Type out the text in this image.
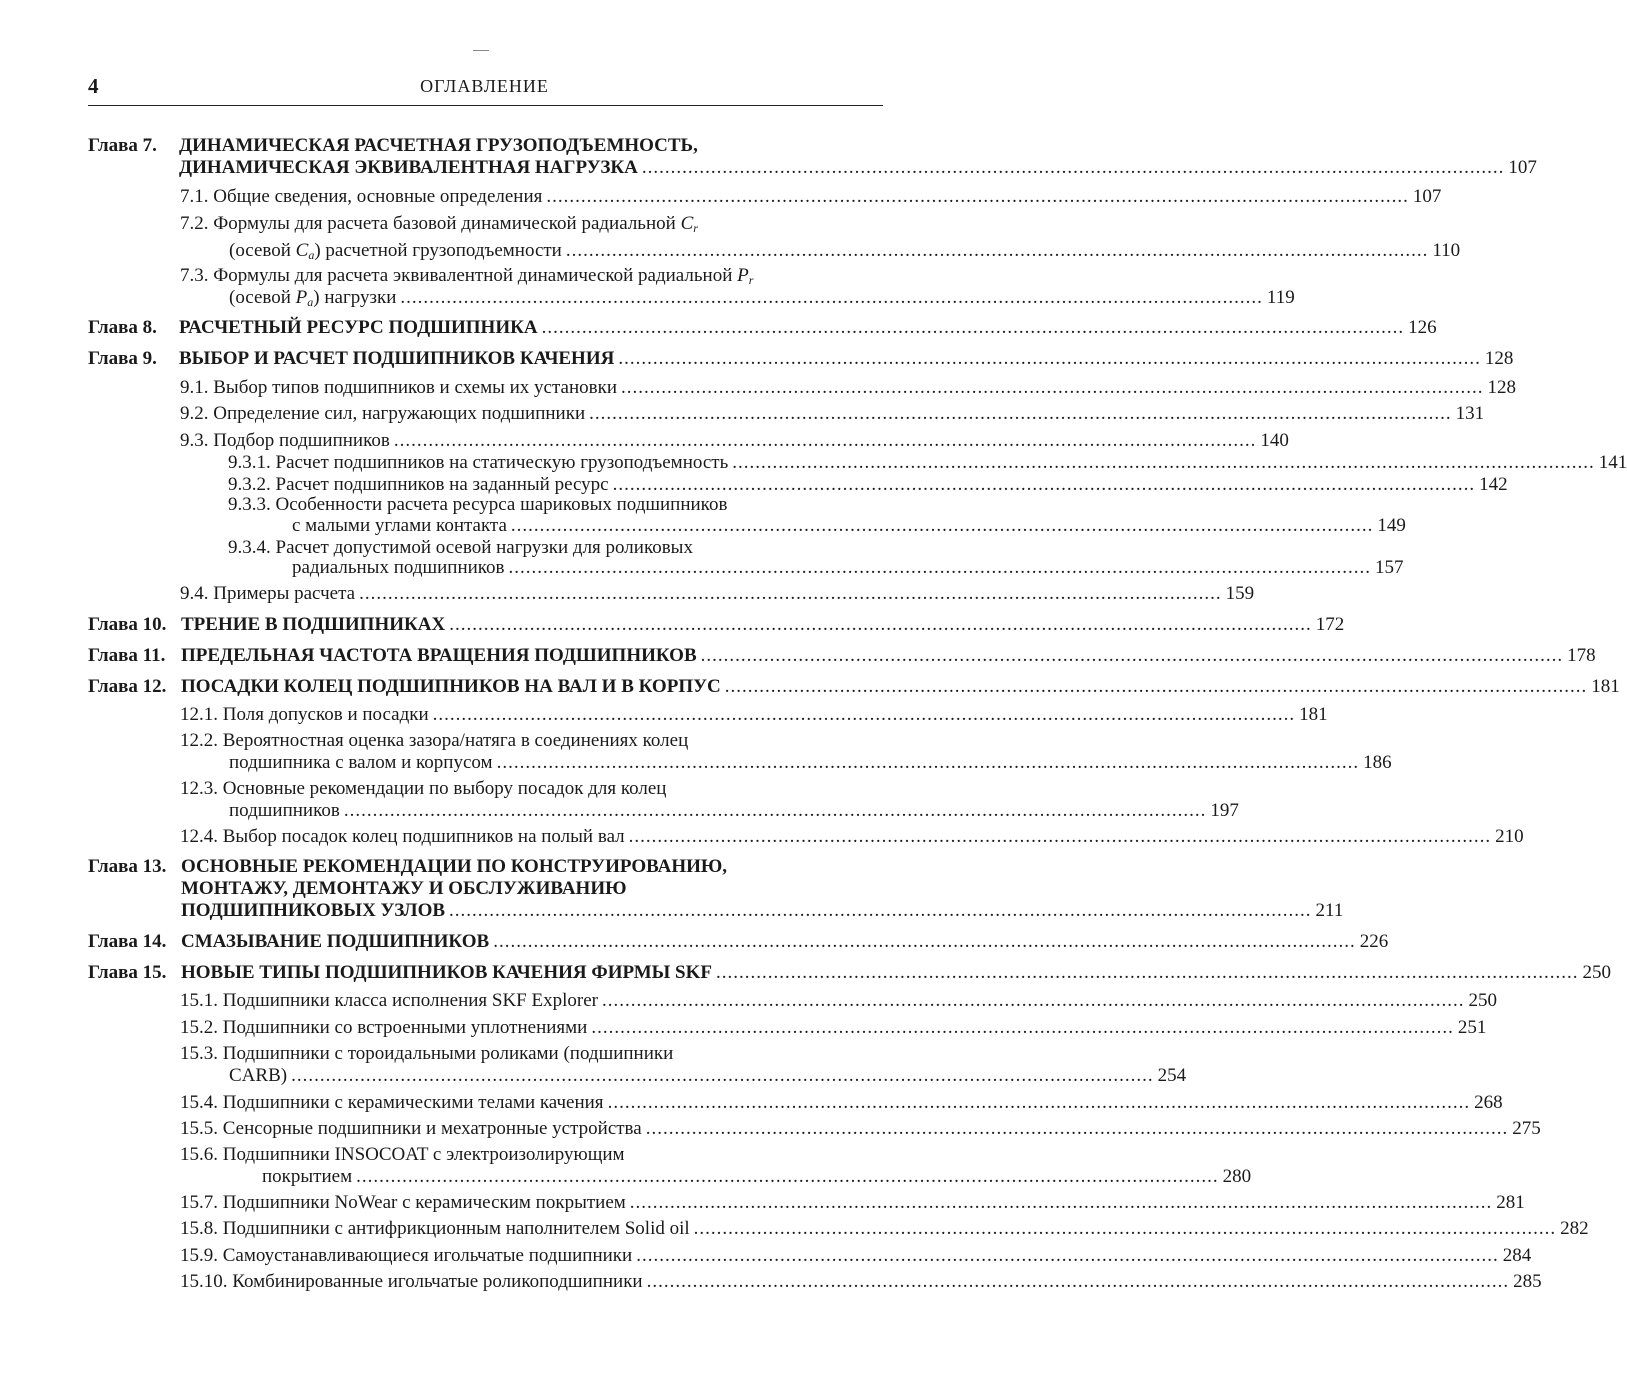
4	ОГЛАВЛЕНИЕ
Глава 7. ДИНАМИЧЕСКАЯ РАСЧЕТНАЯ ГРУЗОПОДЪЕМНОСТЬ,
ДИНАМИЧЕСКАЯ ЭКВИВАЛЕНТНАЯ НАГРУЗКА ...................................................................................................................................................... 107
7.1. Общие сведения, основные определения ...................................................................................................................................................... 107
7.2. Формулы для расчета базовой динамической радиальной $C_r$
(осевой $C_a$) расчетной грузоподъемности ...................................................................................................................................................... 110
7.3. Формулы для расчета эквивалентной динамической радиальной $P_r$
(осевой $P_a$) нагрузки ...................................................................................................................................................... 119
Глава 8. РАСЧЕТНЫЙ РЕСУРС ПОДШИПНИКА ...................................................................................................................................................... 126
Глава 9. ВЫБОР И РАСЧЕТ ПОДШИПНИКОВ КАЧЕНИЯ ...................................................................................................................................................... 128
9.1. Выбор типов подшипников и схемы их установки ...................................................................................................................................................... 128
9.2. Определение сил, нагружающих подшипники ...................................................................................................................................................... 131
9.3. Подбор подшипников ...................................................................................................................................................... 140
9.3.1. Расчет подшипников на статическую грузоподъемность ...................................................................................................................................................... 141
9.3.2. Расчет подшипников на заданный ресурс ...................................................................................................................................................... 142
9.3.3. Особенности расчета ресурса шариковых подшипников
с малыми углами контакта ...................................................................................................................................................... 149
9.3.4. Расчет допустимой осевой нагрузки для роликовых
радиальных подшипников ...................................................................................................................................................... 157
9.4. Примеры расчета ...................................................................................................................................................... 159
Глава 10. ТРЕНИЕ В ПОДШИПНИКАХ ...................................................................................................................................................... 172
Глава 11. ПРЕДЕЛЬНАЯ ЧАСТОТА ВРАЩЕНИЯ ПОДШИПНИКОВ ...................................................................................................................................................... 178
Глава 12. ПОСАДКИ КОЛЕЦ ПОДШИПНИКОВ НА ВАЛ И В КОРПУС ...................................................................................................................................................... 181
12.1. Поля допусков и посадки ...................................................................................................................................................... 181
12.2. Вероятностная оценка зазора/натяга в соединениях колец
подшипника с валом и корпусом ...................................................................................................................................................... 186
12.3. Основные рекомендации по выбору посадок для колец
подшипников ...................................................................................................................................................... 197
12.4. Выбор посадок колец подшипников на полый вал ...................................................................................................................................................... 210
Глава 13. ОСНОВНЫЕ РЕКОМЕНДАЦИИ ПО КОНСТРУИРОВАНИЮ,
МОНТАЖУ, ДЕМОНТАЖУ И ОБСЛУЖИВАНИЮ
ПОДШИПНИКОВЫХ УЗЛОВ ...................................................................................................................................................... 211
Глава 14. СМАЗЫВАНИЕ ПОДШИПНИКОВ ...................................................................................................................................................... 226
Глава 15. НОВЫЕ ТИПЫ ПОДШИПНИКОВ КАЧЕНИЯ ФИРМЫ SKF ...................................................................................................................................................... 250
15.1. Подшипники класса исполнения SKF Explorer ...................................................................................................................................................... 250
15.2. Подшипники со встроенными уплотнениями ...................................................................................................................................................... 251
15.3. Подшипники с тороидальными роликами (подшипники
CARB) ...................................................................................................................................................... 254
15.4. Подшипники с керамическими телами качения ...................................................................................................................................................... 268
15.5. Сенсорные подшипники и мехатронные устройства ...................................................................................................................................................... 275
15.6. Подшипники INSOCOAT с электроизолирующим
покрытием ...................................................................................................................................................... 280
15.7. Подшипники NoWear с керамическим покрытием ...................................................................................................................................................... 281
15.8. Подшипники с антифрикционным наполнителем Solid oil ...................................................................................................................................................... 282
15.9. Самоустанавливающиеся игольчатые подшипники ...................................................................................................................................................... 284
15.10. Комбинированные игольчатые роликоподшипники ...................................................................................................................................................... 285
